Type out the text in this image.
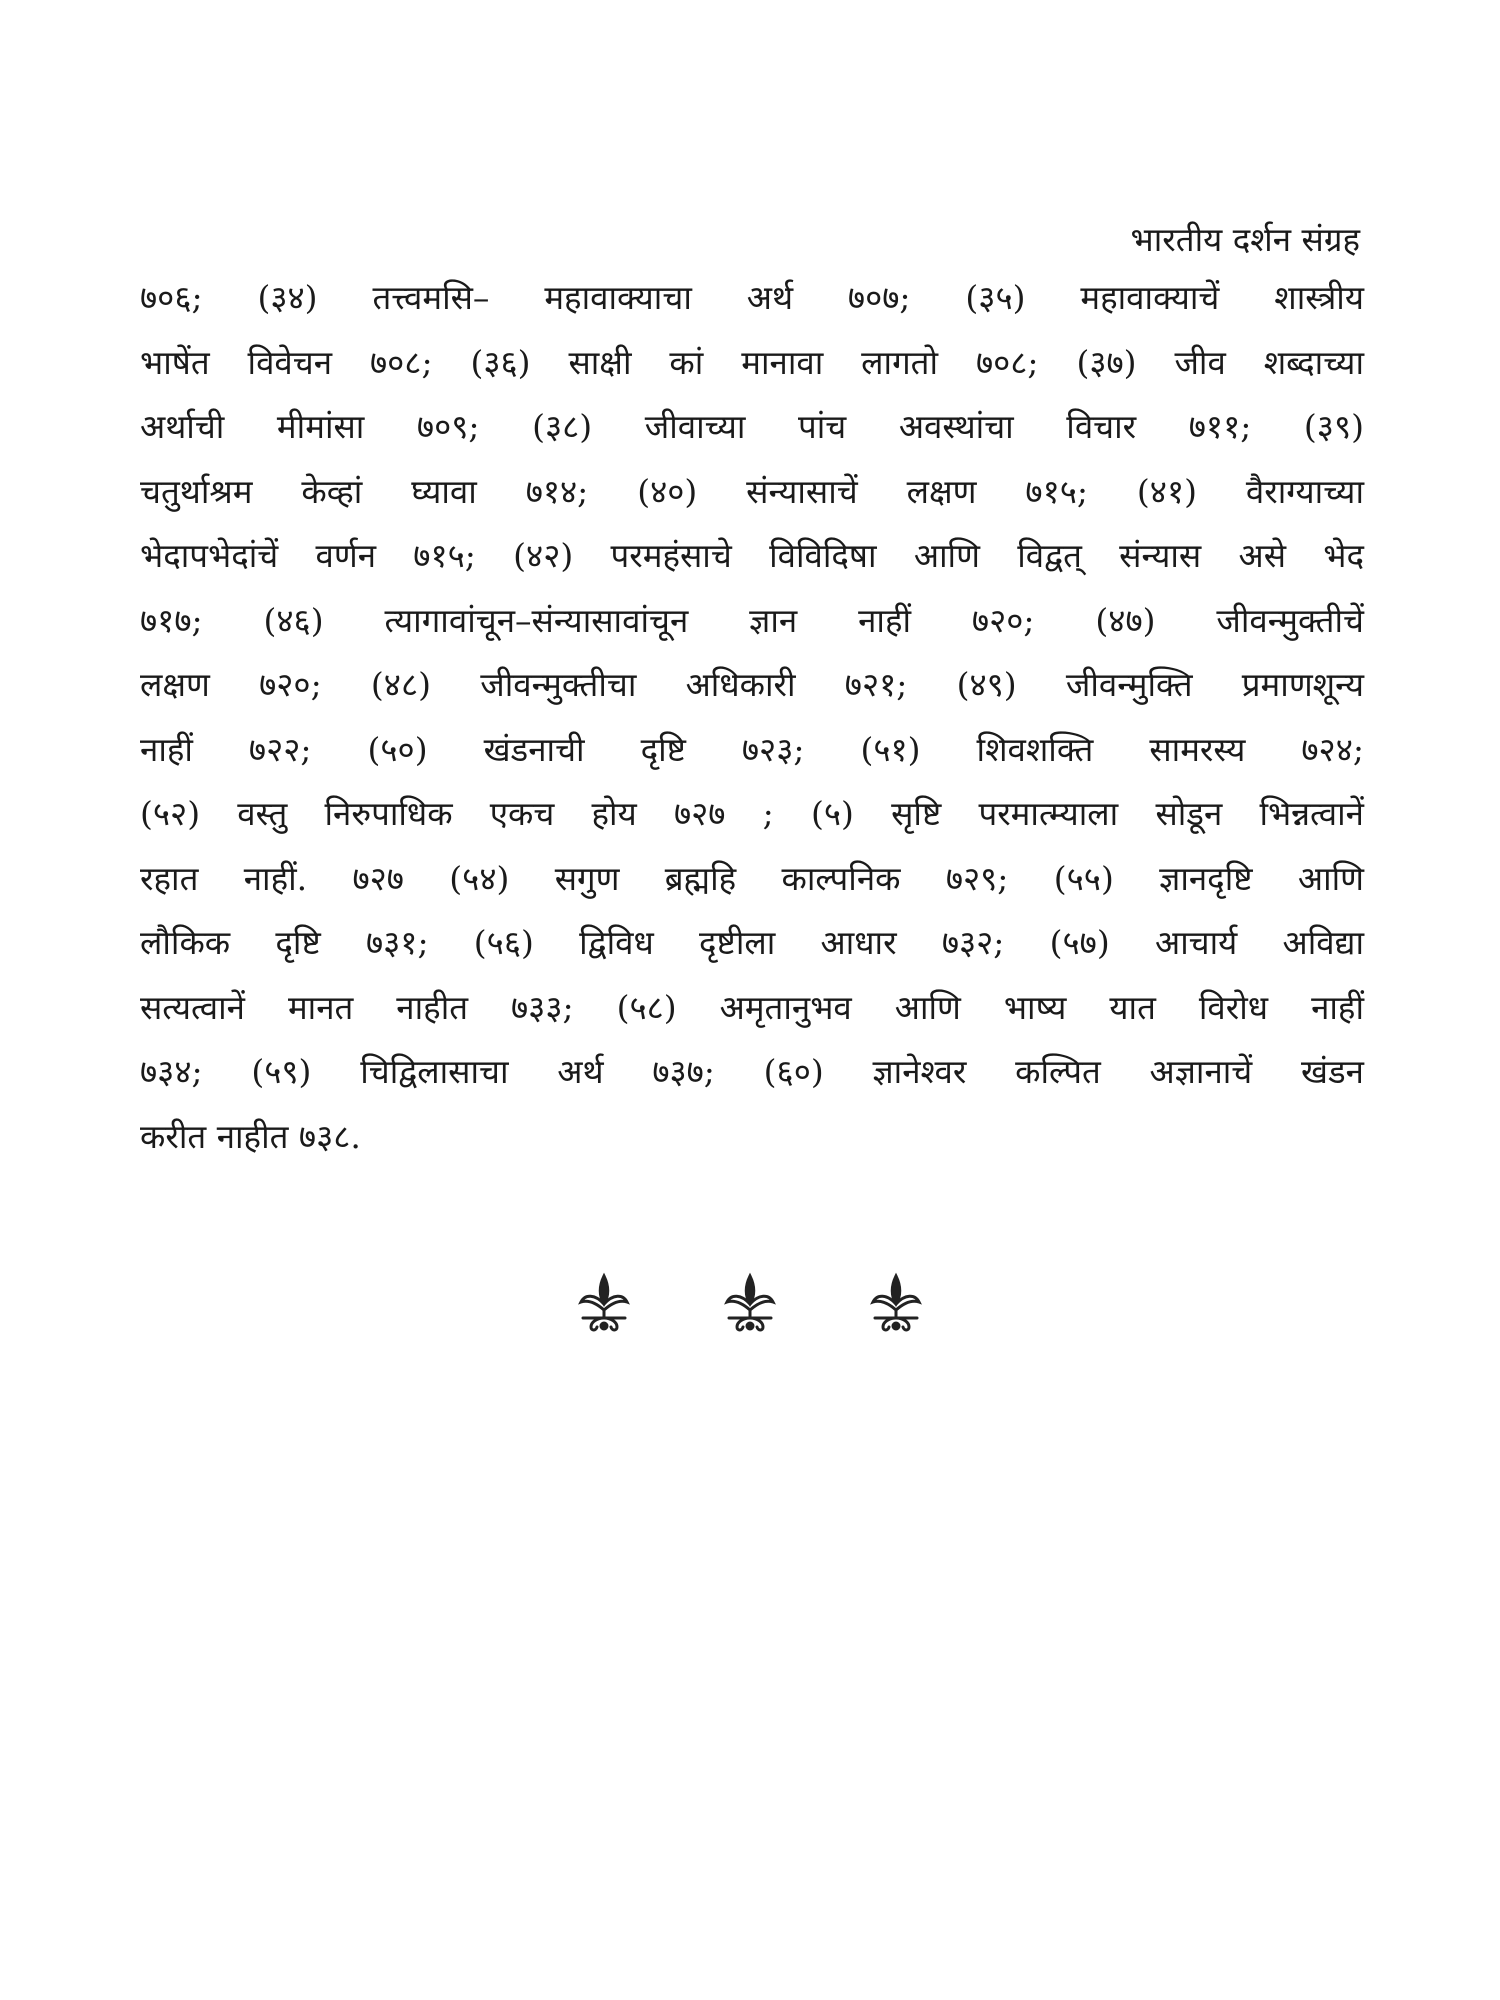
भारतीय दर्शन संग्रह
७०६; (३४) तत्त्वमसि– महावाक्याचा अर्थ ७०७; (३५) महावाक्याचें शास्त्रीय
भाषेंत विवेचन ७०८; (३६) साक्षी कां मानावा लागतो ७०८; (३७) जीव शब्दाच्या
अर्थाची मीमांसा ७०९; (३८) जीवाच्या पांच अवस्थांचा विचार ७११; (३९)
चतुर्थाश्रम केव्हां घ्यावा ७१४; (४०) संन्यासाचें लक्षण ७१५; (४१) वैराग्याच्या
भेदापभेदांचें वर्णन ७१५; (४२) परमहंसाचे विविदिषा आणि विद्वत् संन्यास असे भेद
७१७; (४६) त्यागावांचून–संन्यासावांचून ज्ञान नाहीं ७२०; (४७) जीवन्मुक्तीचें
लक्षण ७२०; (४८) जीवन्मुक्तीचा अधिकारी ७२१; (४९) जीवन्मुक्ति प्रमाणशून्य
नाहीं ७२२; (५०) खंडनाची दृष्टि ७२३; (५१) शिवशक्ति सामरस्य ७२४;
(५२) वस्तु निरुपाधिक एकच होय ७२७ ; (५) सृष्टि परमात्म्याला सोडून भिन्नत्वानें
रहात नाहीं. ७२७ (५४) सगुण ब्रह्महि काल्पनिक ७२९; (५५) ज्ञानदृष्टि आणि
लौकिक दृष्टि ७३१; (५६) द्विविध दृष्टीला आधार ७३२; (५७) आचार्य अविद्या
सत्यत्वानें मानत नाहीत ७३३; (५८) अमृतानुभव आणि भाष्य यात विरोध नाहीं
७३४; (५९) चिद्विलासाचा अर्थ ७३७; (६०) ज्ञानेश्वर कल्पित अज्ञानाचें खंडन
करीत नाहीत ७३८.
